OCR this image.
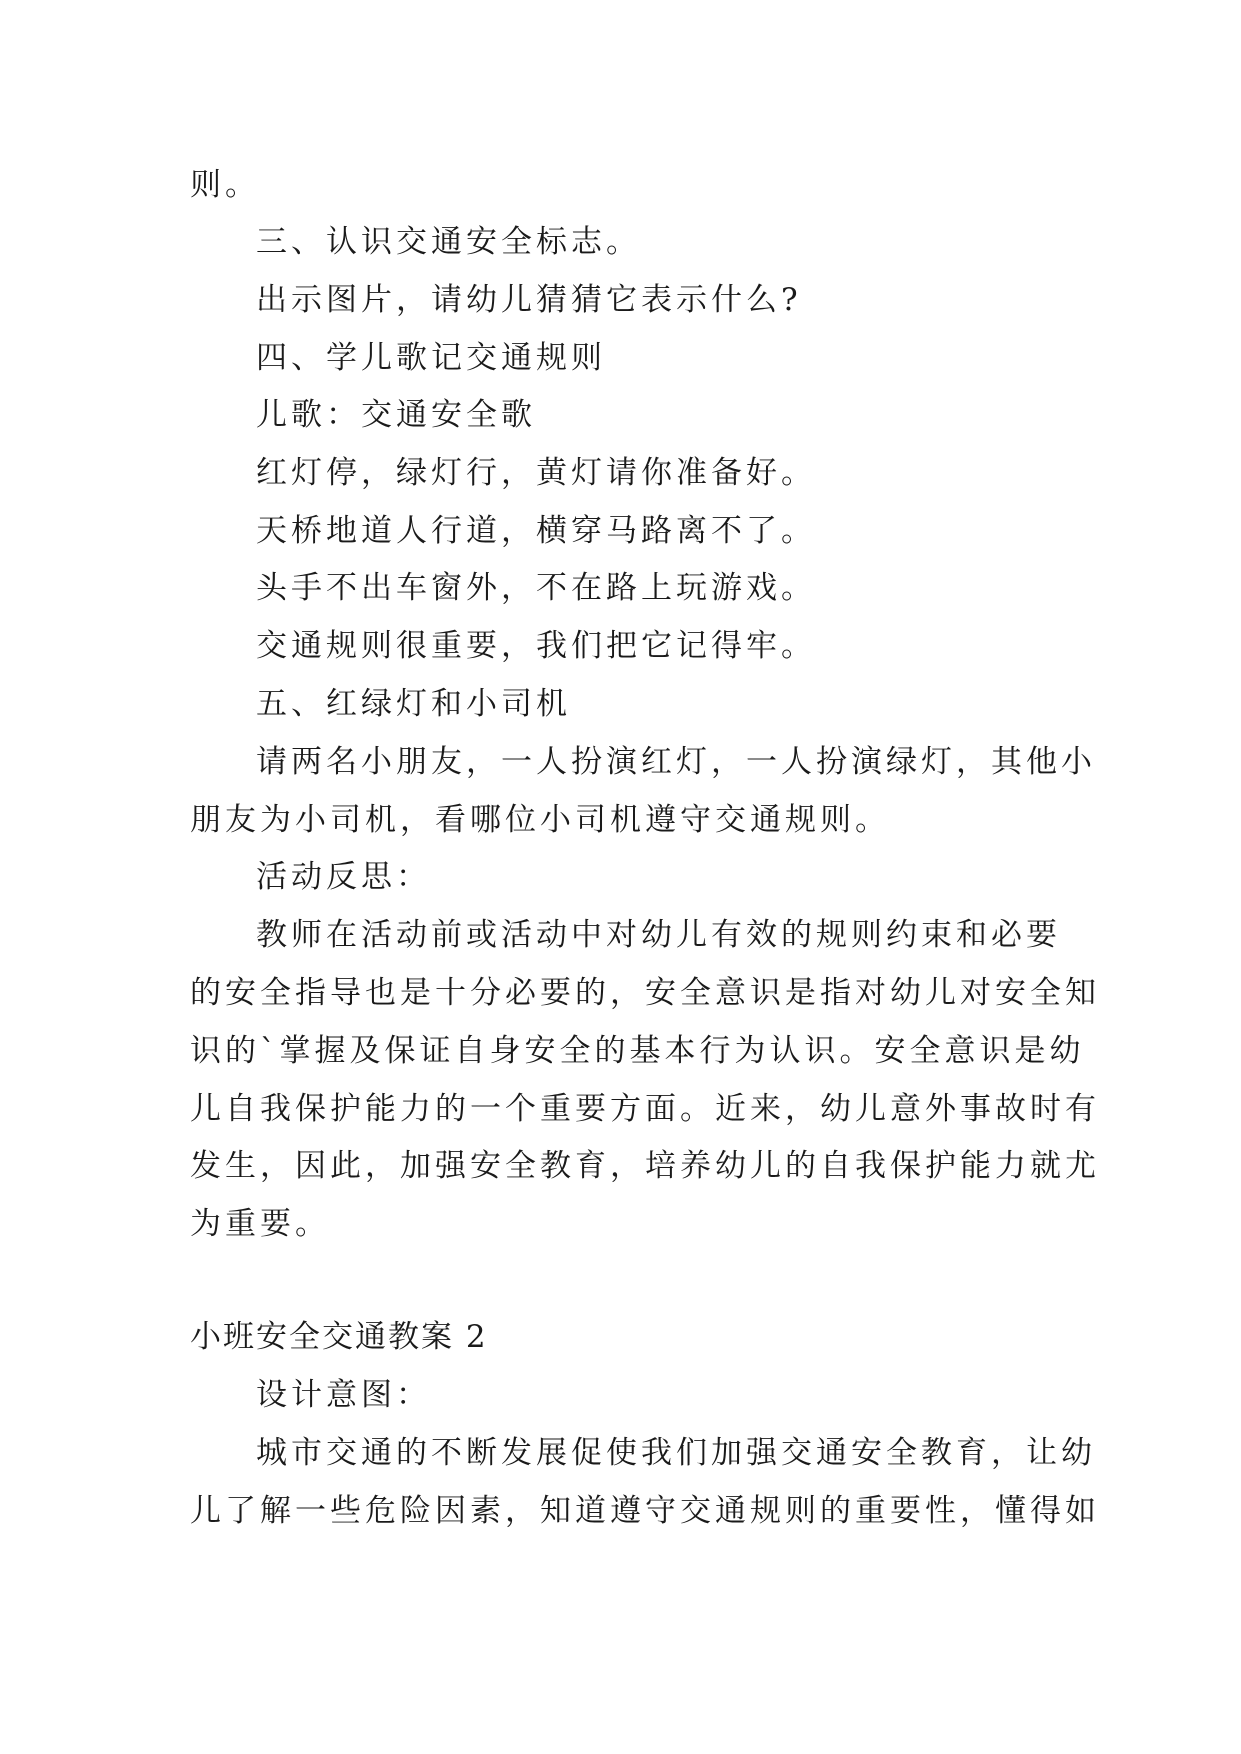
则。

三、认识交通安全标志。

出示图片，请幼儿猜猜它表示什么?

四、学儿歌记交通规则

儿歌：交通安全歌

红灯停，绿灯行，黄灯请你准备好。

天桥地道人行道，横穿马路离不了。

头手不出车窗外，不在路上玩游戏。

交通规则很重要，我们把它记得牢。

五、红绿灯和小司机

请两名小朋友，一人扮演红灯，一人扮演绿灯，其他小

朋友为小司机，看哪位小司机遵守交通规则。

活动反思：

教师在活动前或活动中对幼儿有效的规则约束和必要

的安全指导也是十分必要的，安全意识是指对幼儿对安全知

识的`掌握及保证自身安全的基本行为认识。安全意识是幼

儿自我保护能力的一个重要方面。近来，幼儿意外事故时有

发生，因此，加强安全教育，培养幼儿的自我保护能力就尤

为重要。

小班安全交通教案 2

设计意图：

城市交通的不断发展促使我们加强交通安全教育，让幼

儿了解一些危险因素，知道遵守交通规则的重要性，懂得如
